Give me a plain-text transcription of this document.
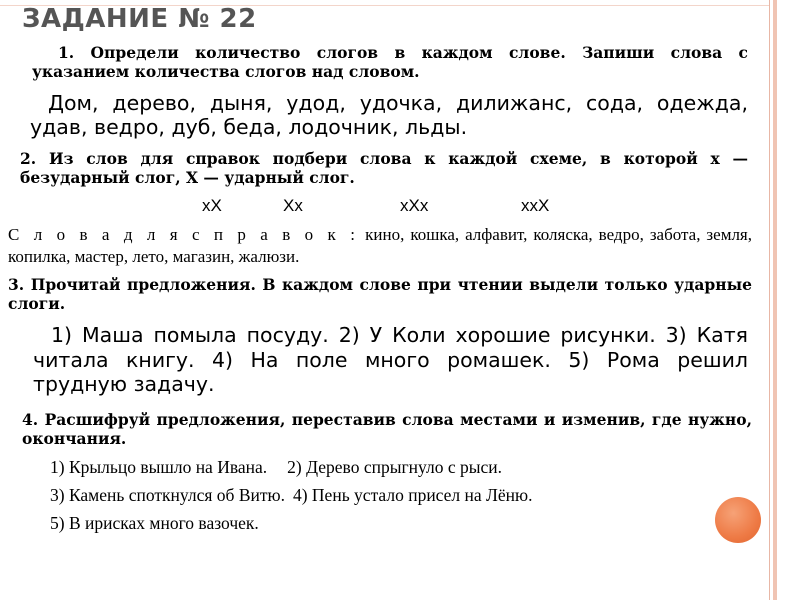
ЗАДАНИЕ № 22
1. Определи количество слогов в каждом слове. Запиши слова с указанием количества слогов над словом.
Дом, дерево, дыня, удод, удочка, дилижанс, сода, одежда, удав, ведро, дуб, беда, лодочник, льды.
2. Из слов для справок подбери слова к каждой схеме, в которой х — безударный слог, Х — ударный слог.
хХ	Хх	хХх	ххХ
С л о в а д л я с п р а в о к : кино, кошка, алфавит, коляска, ведро, забота, земля, копилка, мастер, лето, магазин, жалюзи.
3. Прочитай предложения. В каждом слове при чтении выдели только ударные слоги.
1) Маша помыла посуду. 2) У Коли хорошие рисунки. 3) Катя читала книгу. 4) На поле много ромашек. 5) Рома решил трудную задачу.
4. Расшифруй предложения, переставив слова местами и изменив, где нужно, окончания.
1) Крыльцо вышло на Ивана. 2) Дерево спрыгнуло с рыси.
3) Камень споткнулся об Витю. 4) Пень устало присел на Лёню.
5) В ирисках много вазочек.
